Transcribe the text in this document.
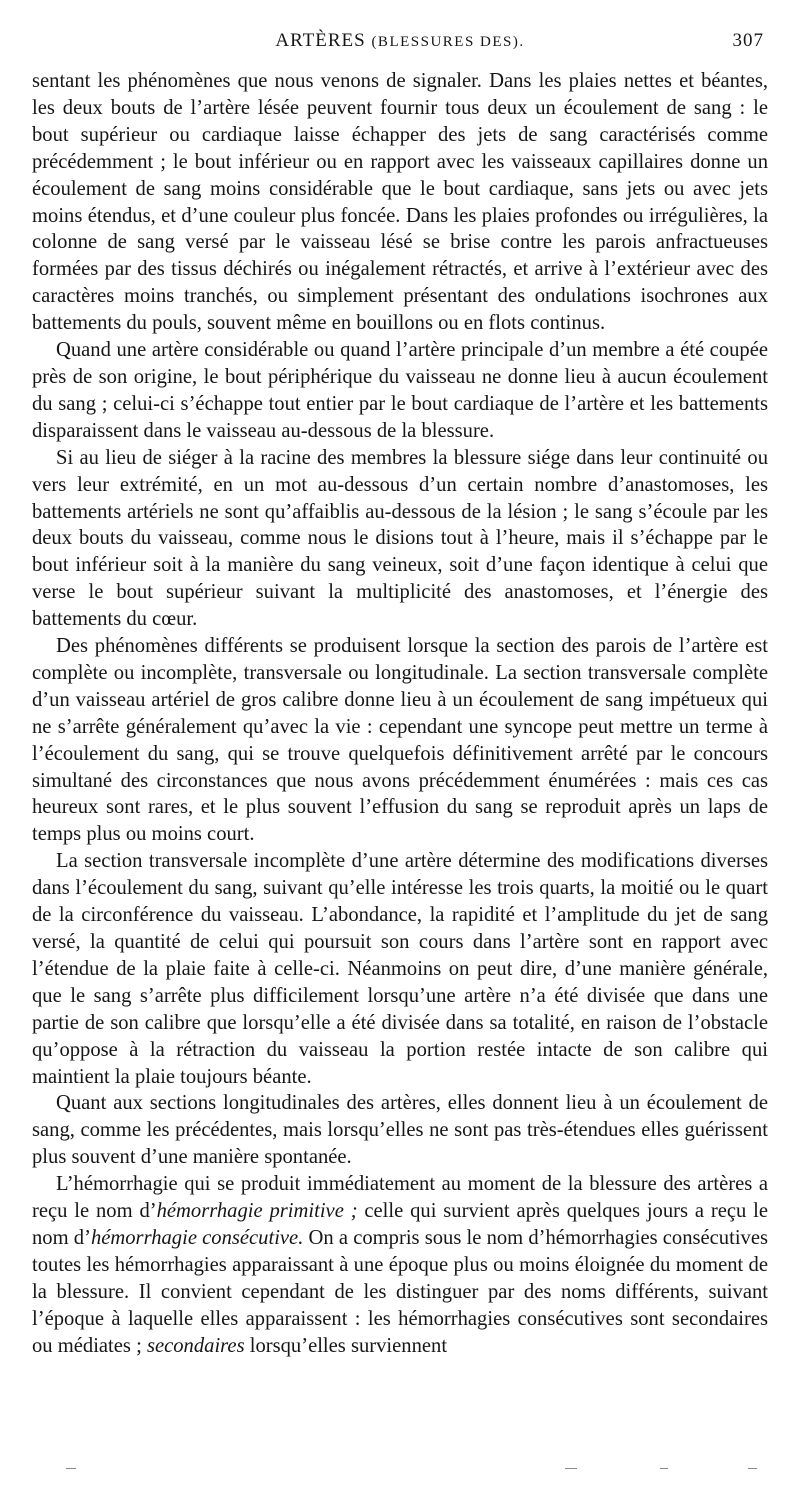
ARTÈRES (BLESSURES DES).	307

sentant les phénomènes que nous venons de signaler. Dans les plaies nettes et béantes, les deux bouts de l’artère lésée peuvent fournir tous deux un écoulement de sang : le bout supérieur ou cardiaque laisse échapper des jets de sang caractérisés comme précédemment ; le bout inférieur ou en rapport avec les vaisseaux capillaires donne un écoulement de sang moins considérable que le bout cardiaque, sans jets ou avec jets moins étendus, et d’une couleur plus foncée. Dans les plaies profondes ou irrégulières, la colonne de sang versé par le vaisseau lésé se brise contre les parois anfractueuses formées par des tissus déchirés ou inégalement rétractés, et arrive à l’extérieur avec des caractères moins tranchés, ou simplement présentant des ondulations isochrones aux battements du pouls, souvent même en bouillons ou en flots continus.

Quand une artère considérable ou quand l’artère principale d’un membre a été coupée près de son origine, le bout périphérique du vaisseau ne donne lieu à aucun écoulement du sang ; celui-ci s’échappe tout entier par le bout cardiaque de l’artère et les battements disparaissent dans le vaisseau au-dessous de la blessure.

Si au lieu de siéger à la racine des membres la blessure siége dans leur continuité ou vers leur extrémité, en un mot au-dessous d’un certain nombre d’anastomoses, les battements artériels ne sont qu’affaiblis au-dessous de la lésion ; le sang s’écoule par les deux bouts du vaisseau, comme nous le disions tout à l’heure, mais il s’échappe par le bout inférieur soit à la manière du sang veineux, soit d’une façon identique à celui que verse le bout supérieur suivant la multiplicité des anastomoses, et l’énergie des battements du cœur.

Des phénomènes différents se produisent lorsque la section des parois de l’artère est complète ou incomplète, transversale ou longitudinale. La section transversale complète d’un vaisseau artériel de gros calibre donne lieu à un écoulement de sang impétueux qui ne s’arrête généralement qu’avec la vie : cependant une syncope peut mettre un terme à l’écoulement du sang, qui se trouve quelquefois définitivement arrêté par le concours simultané des circonstances que nous avons précédemment énumérées : mais ces cas heureux sont rares, et le plus souvent l’effusion du sang se reproduit après un laps de temps plus ou moins court.

La section transversale incomplète d’une artère détermine des modifications diverses dans l’écoulement du sang, suivant qu’elle intéresse les trois quarts, la moitié ou le quart de la circonférence du vaisseau. L’abondance, la rapidité et l’amplitude du jet de sang versé, la quantité de celui qui poursuit son cours dans l’artère sont en rapport avec l’étendue de la plaie faite à celle-ci. Néanmoins on peut dire, d’une manière générale, que le sang s’arrête plus difficilement lorsqu’une artère n’a été divisée que dans une partie de son calibre que lorsqu’elle a été divisée dans sa totalité, en raison de l’obstacle qu’oppose à la rétraction du vaisseau la portion restée intacte de son calibre qui maintient la plaie toujours béante.

Quant aux sections longitudinales des artères, elles donnent lieu à un écoulement de sang, comme les précédentes, mais lorsqu’elles ne sont pas très-étendues elles guérissent plus souvent d’une manière spontanée.

L’hémorrhagie qui se produit immédiatement au moment de la blessure des artères a reçu le nom d’hémorrhagie primitive ; celle qui survient après quelques jours a reçu le nom d’hémorrhagie consécutive. On a compris sous le nom d’hémorrhagies consécutives toutes les hémorrhagies apparaissant à une époque plus ou moins éloignée du moment de la blessure. Il convient cependant de les distinguer par des noms différents, suivant l’époque à laquelle elles apparaissent : les hémorrhagies consécutives sont secondaires ou médiates ; secondaires lorsqu’elles surviennent
